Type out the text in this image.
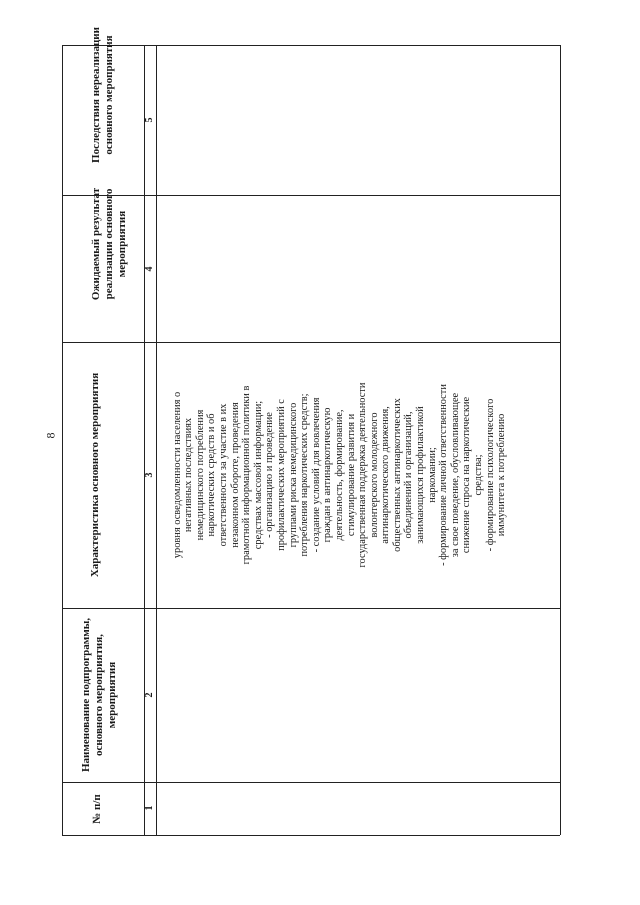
8
Последствия нереализации основного мероприятия
Ожидаемый результат реализации основного мероприятия
Характеристика основного мероприятия
Наименование подпрограммы, основного мероприятия, мероприятия
№ п/п
5
4
3
2
1

уровня осведомленности населения о
негативных последствиях
немедицинского потребления
наркотических средств и об
ответственности за участие в их
незаконном обороте, проведения
грамотной информационной политики в
средствах массовой информации;
- организацию и проведение
профилактических мероприятий с
группами риска немедицинского
потребления наркотических средств;
- создание условий для вовлечения
граждан в антинаркотическую
деятельность, формирование,
стимулирование развития и
государственная поддержка деятельности
волонтерского молодежного
антинаркотического движения,
общественных антинаркотических
объединений и организаций,
занимающихся профилактикой
наркомании;
- формирование личной ответственности
за свое поведение, обусловливающее
снижение спроса на наркотические
средства;
- формирование психологического
иммунитета к потреблению
